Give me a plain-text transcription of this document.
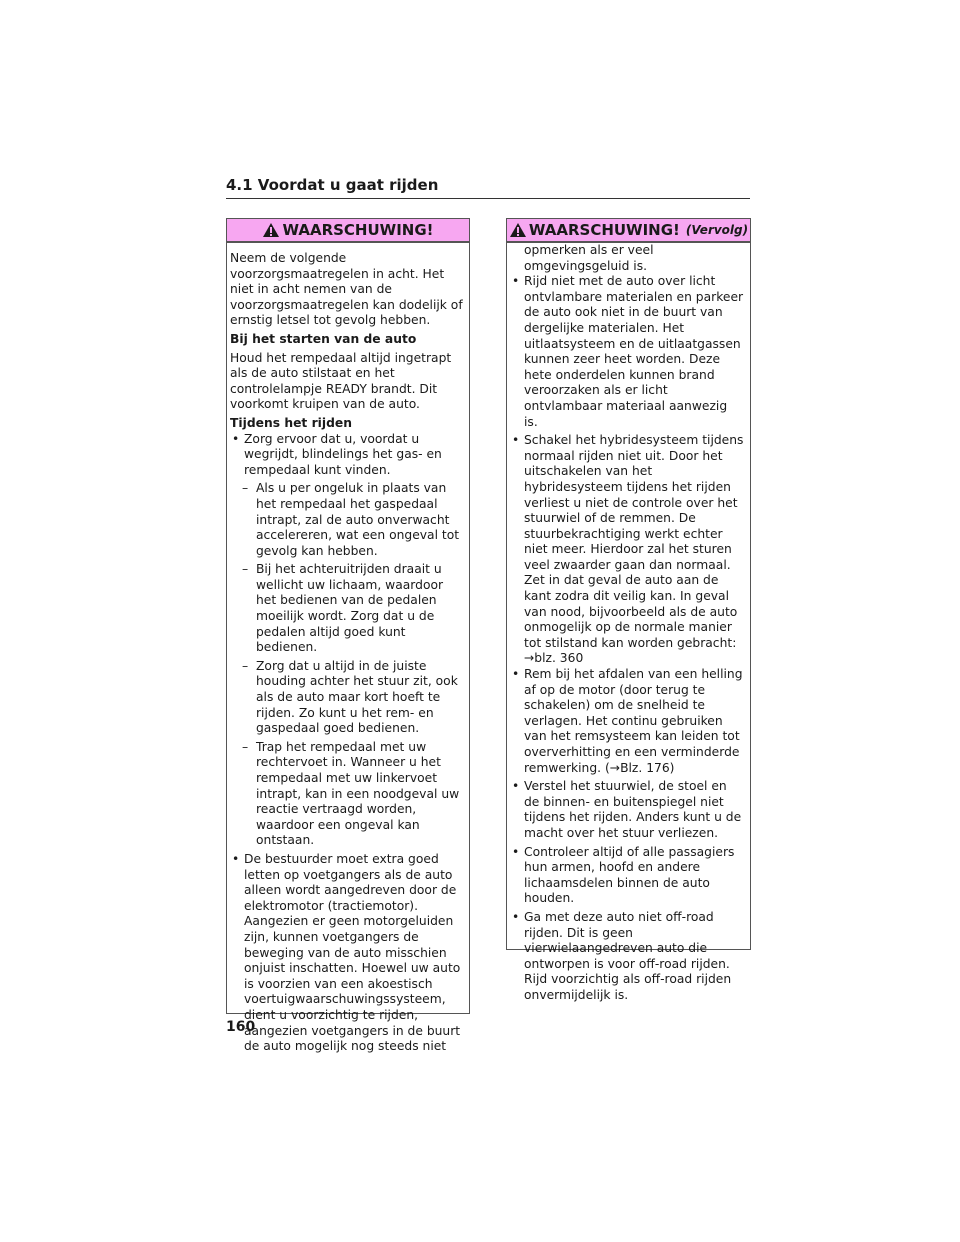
4.1 Voordat u gaat rijden
WAARSCHUWING!

Neem de volgende voorzorgsmaatregelen in acht. Het niet in acht nemen van de voorzorgsmaatregelen kan dodelijk of ernstig letsel tot gevolg hebben.

Bij het starten van de auto

Houd het rempedaal altijd ingetrapt als de auto stilstaat en het controlelampje READY brandt. Dit voorkomt kruipen van de auto.

Tijdens het rijden

• Zorg ervoor dat u, voordat u wegrijdt, blindelings het gas- en rempedaal kunt vinden.

– Als u per ongeluk in plaats van het rempedaal het gaspedaal intrapt, zal de auto onverwacht accelereren, wat een ongeval tot gevolg kan hebben.

– Bij het achteruitrijden draait u wellicht uw lichaam, waardoor het bedienen van de pedalen moeilijk wordt. Zorg dat u de pedalen altijd goed kunt bedienen.

– Zorg dat u altijd in de juiste houding achter het stuur zit, ook als de auto maar kort hoeft te rijden. Zo kunt u het rem- en gaspedaal goed bedienen.

– Trap het rempedaal met uw rechtervoet in. Wanneer u het rempedaal met uw linkervoet intrapt, kan in een noodgeval uw reactie vertraagd worden, waardoor een ongeval kan ontstaan.

• De bestuurder moet extra goed letten op voetgangers als de auto alleen wordt aangedreven door de elektromotor (tractiemotor). Aangezien er geen motorgeluiden zijn, kunnen voetgangers de beweging van de auto misschien onjuist inschatten. Hoewel uw auto is voorzien van een akoestisch voertuigwaarschuwingssysteem, dient u voorzichtig te rijden, aangezien voetgangers in de buurt de auto mogelijk nog steeds niet

WAARSCHUWING! (Vervolg)

opmerken als er veel omgevingsgeluid is.

• Rijd niet met de auto over licht ontvlambare materialen en parkeer de auto ook niet in de buurt van dergelijke materialen. Het uitlaatsysteem en de uitlaatgassen kunnen zeer heet worden. Deze hete onderdelen kunnen brand veroorzaken als er licht ontvlambaar materiaal aanwezig is.

• Schakel het hybridesysteem tijdens normaal rijden niet uit. Door het uitschakelen van het hybridesysteem tijdens het rijden verliest u niet de controle over het stuurwiel of de remmen. De stuurbekrachtiging werkt echter niet meer. Hierdoor zal het sturen veel zwaarder gaan dan normaal. Zet in dat geval de auto aan de kant zodra dit veilig kan. In geval van nood, bijvoorbeeld als de auto onmogelijk op de normale manier tot stilstand kan worden gebracht:

→blz. 360

• Rem bij het afdalen van een helling af op de motor (door terug te schakelen) om de snelheid te verlagen. Het continu gebruiken van het remsysteem kan leiden tot oververhitting en een verminderde remwerking. (→Blz. 176)

• Verstel het stuurwiel, de stoel en de binnen- en buitenspiegel niet tijdens het rijden. Anders kunt u de macht over het stuur verliezen.

• Controleer altijd of alle passagiers hun armen, hoofd en andere lichaamsdelen binnen de auto houden.

• Ga met deze auto niet off-road rijden. Dit is geen vierwielaangedreven auto die ontworpen is voor off-road rijden. Rijd voorzichtig als off-road rijden onvermijdelijk is.

160
